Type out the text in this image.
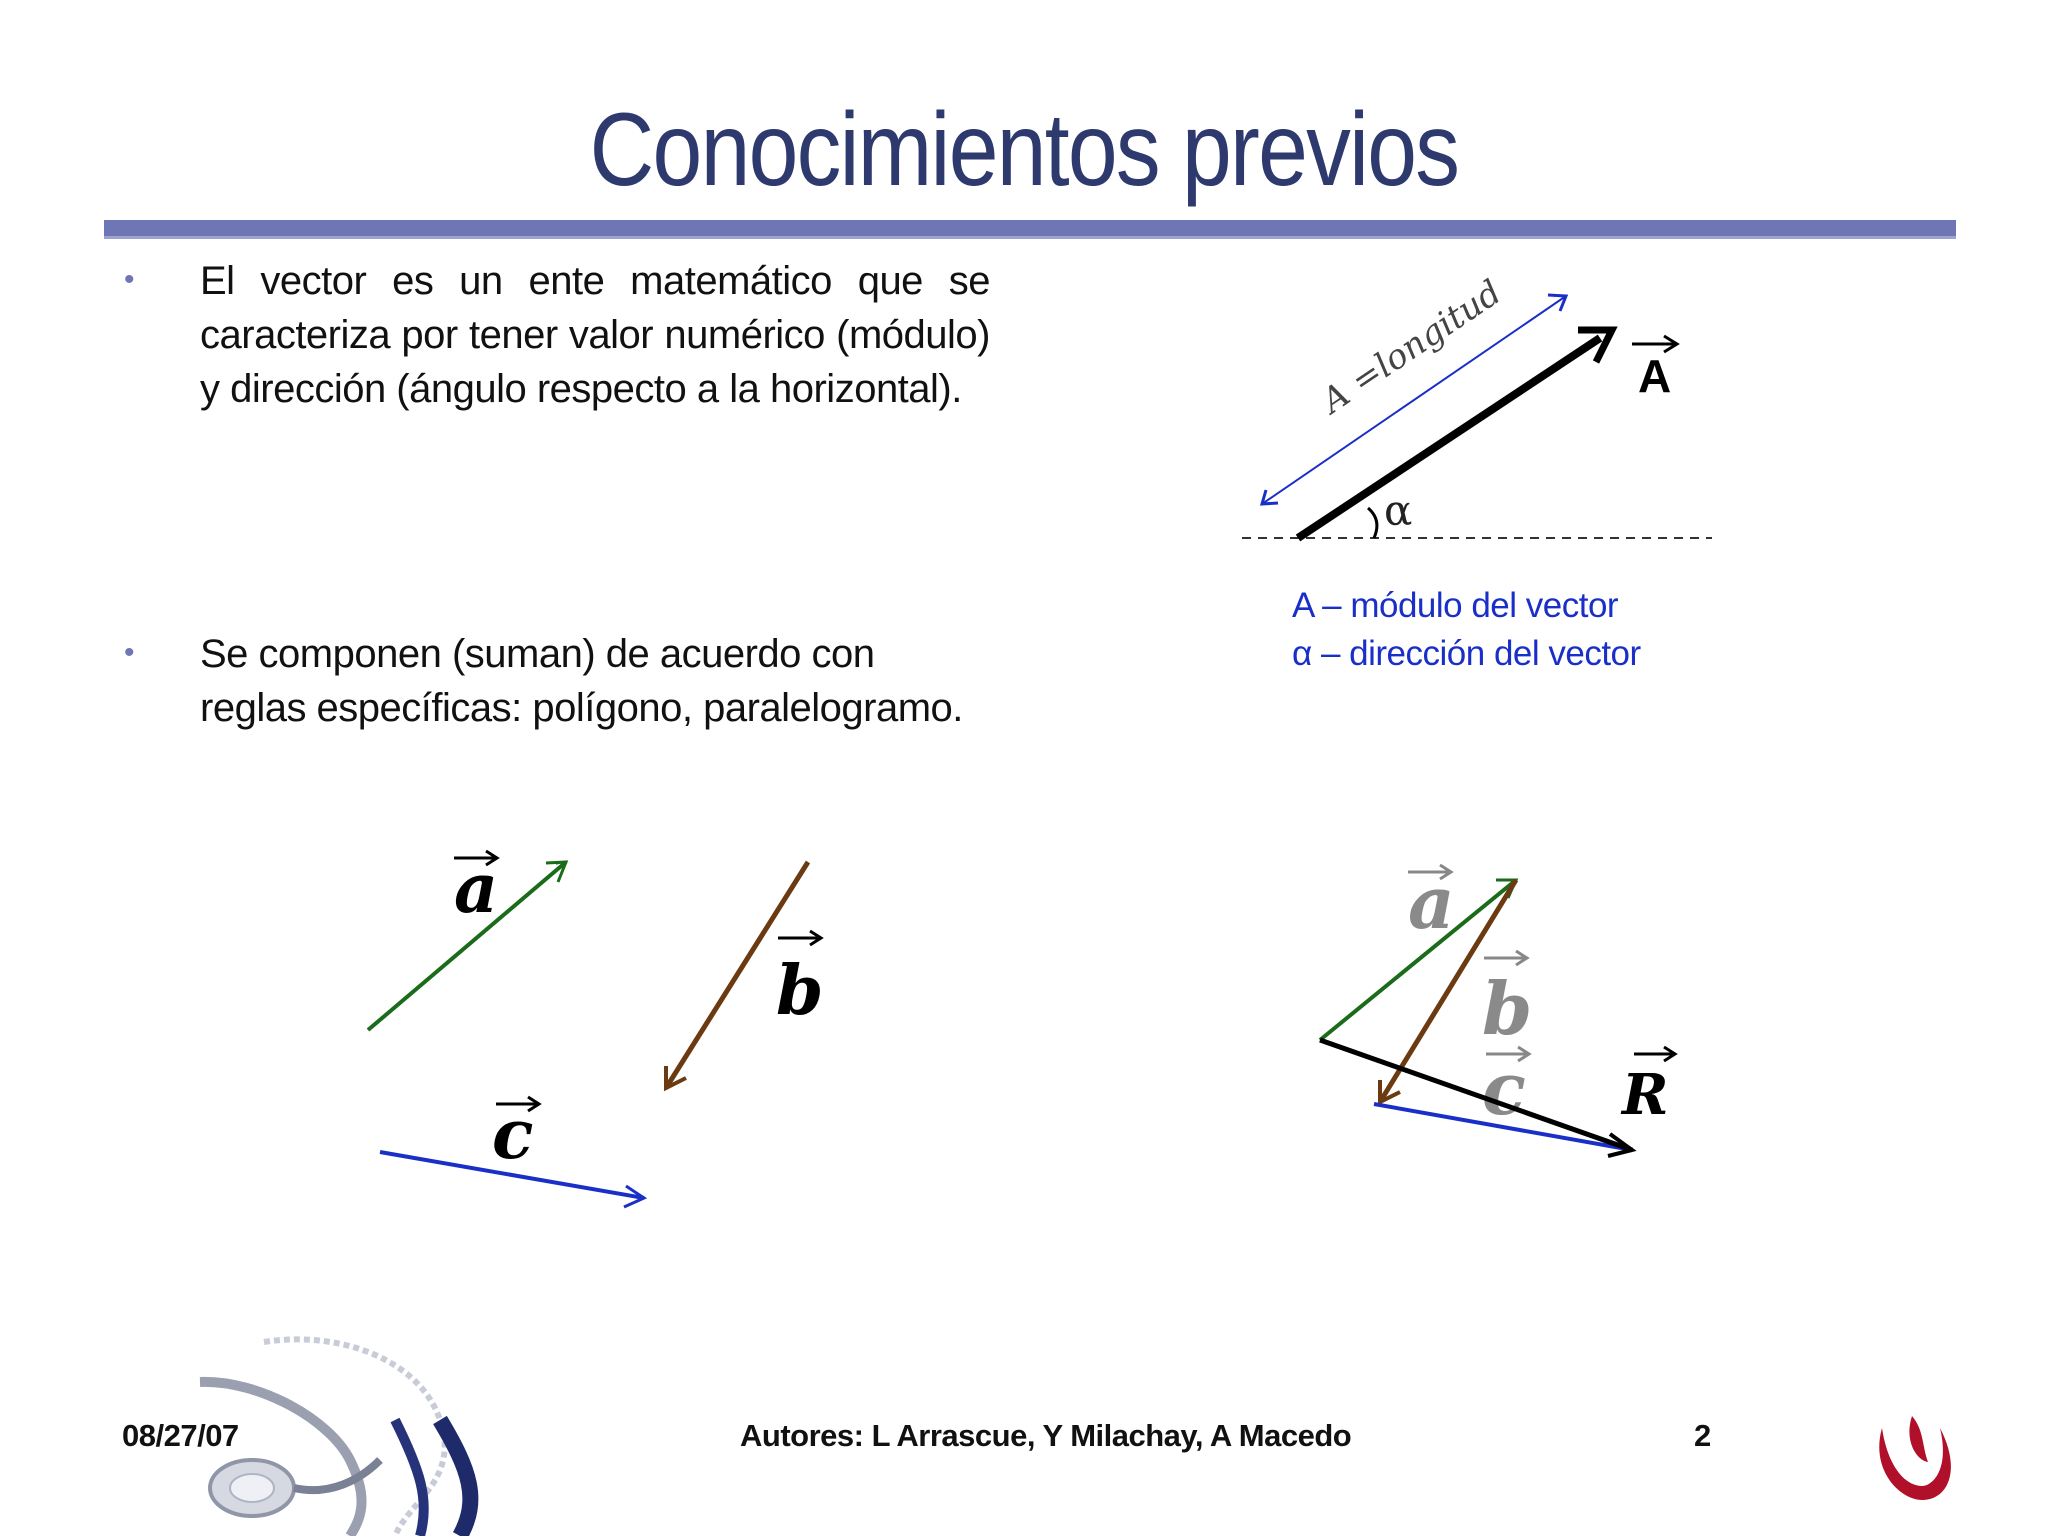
Conocimientos previos
• El vector es un ente matemático que se caracteriza por tener valor numérico (módulo) y dirección (ángulo respecto a la horizontal).
• Se componen (suman) de acuerdo con reglas específicas: polígono, paralelogramo.
A – módulo del vector
α – dirección del vector
α
A =longitud	A
a
b
c
a
b
c R
08/27/07	Autores: L Arrascue, Y Milachay, A Macedo	2
